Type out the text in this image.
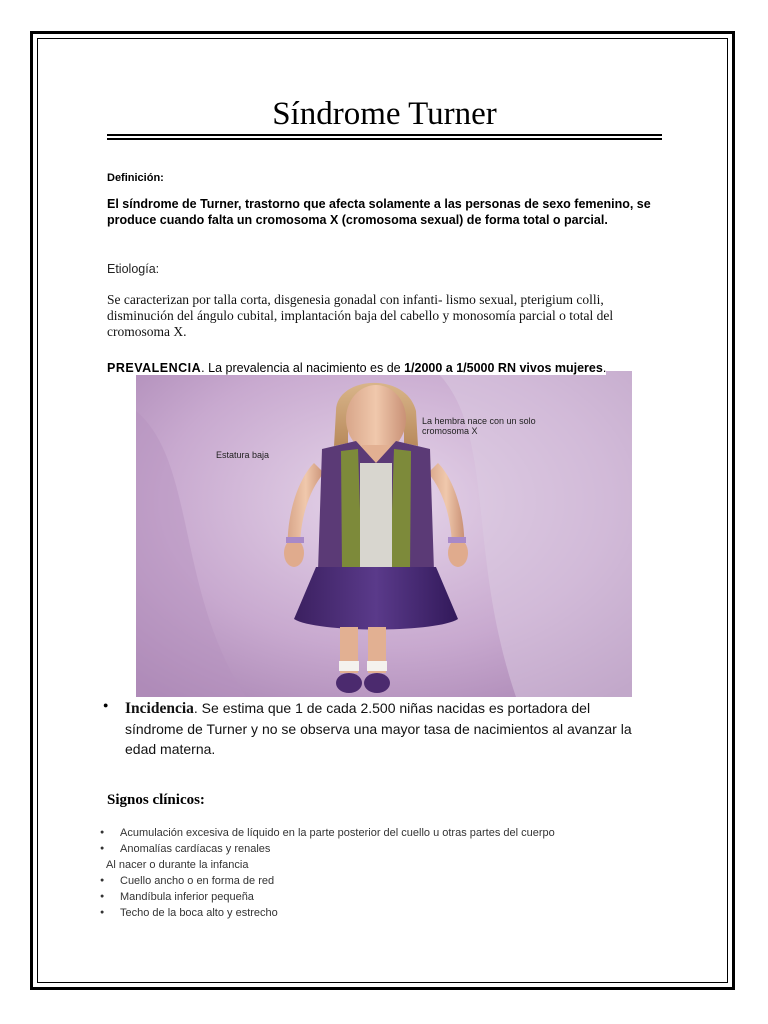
Síndrome Turner
Definición:
El síndrome de Turner, trastorno que afecta solamente a las personas de sexo femenino, se produce cuando falta un cromosoma X (cromosoma sexual) de forma total o parcial.
Etiología:
Se caracterizan por talla corta, disgenesia gonadal con infanti- lismo sexual, pterigium colli, disminución del ángulo cubital, implantación baja del cabello y monosomía parcial o total del cromosoma X.
PREVALENCIA. La prevalencia al nacimiento es de 1/2000 a 1/5000 RN vivos mujeres.
Estatura baja
La hembra nace con un solo cromosoma X
● Incidencia. Se estima que 1 de cada 2.500 niñas nacidas es portadora del síndrome de Turner y no se observa una mayor tasa de nacimientos al avanzar la edad materna.
Signos clínicos:
● Acumulación excesiva de líquido en la parte posterior del cuello u otras partes del cuerpo
● Anomalías cardíacas y renales
Al nacer o durante la infancia
● Cuello ancho o en forma de red
● Mandíbula inferior pequeña
● Techo de la boca alto y estrecho
